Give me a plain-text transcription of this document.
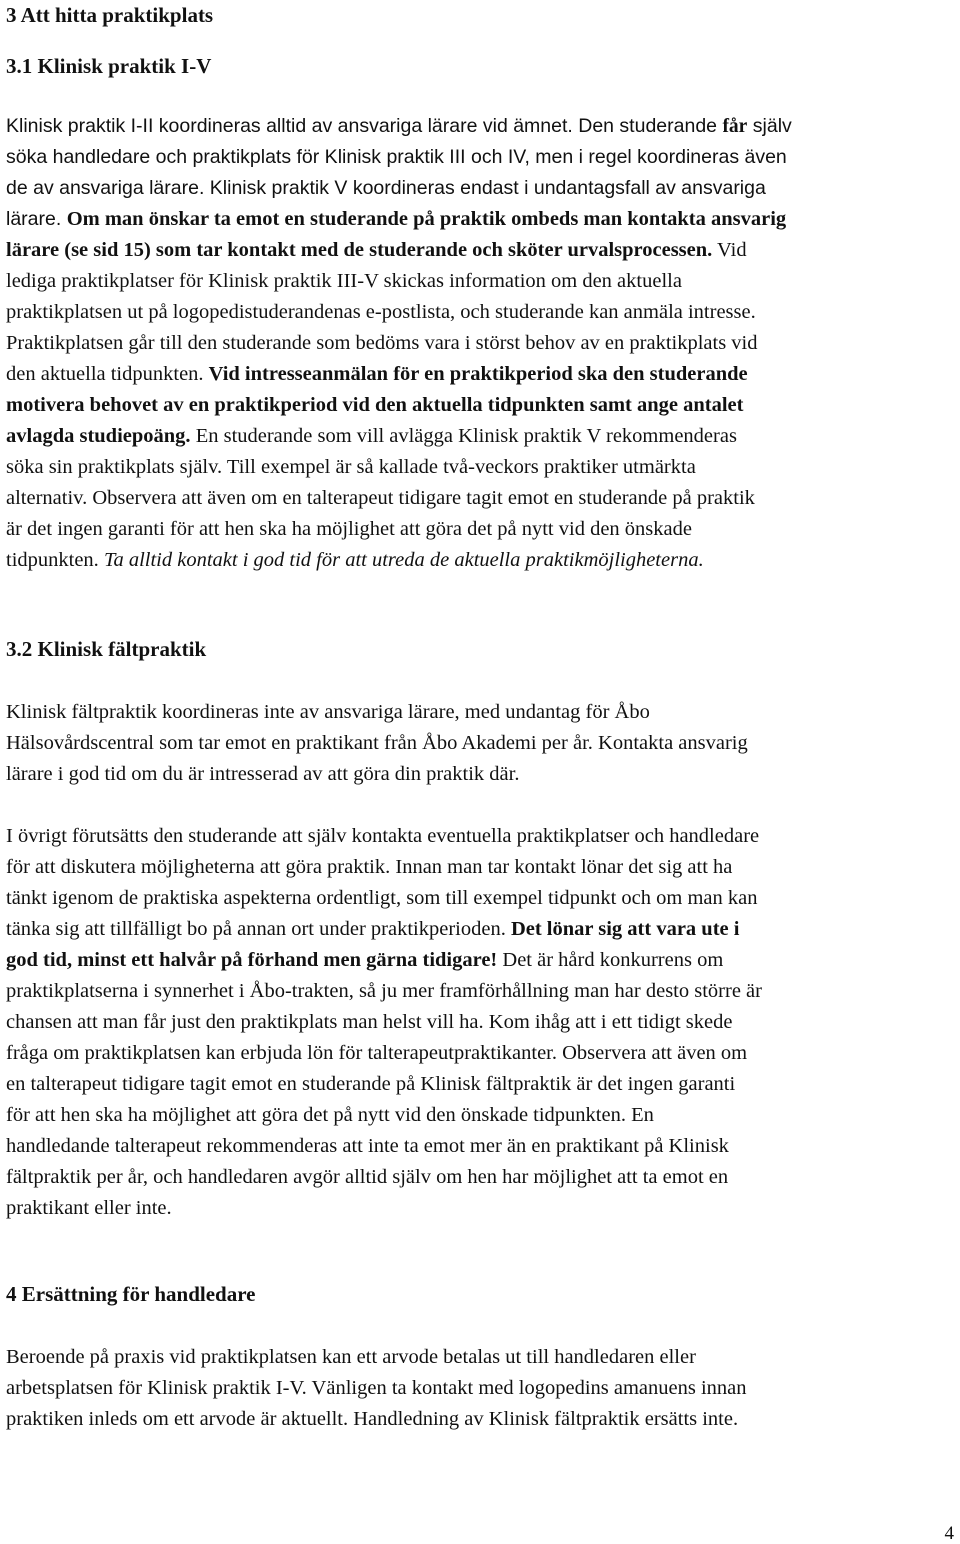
3 Att hitta praktikplats
3.1 Klinisk praktik I-V

Klinisk praktik I-II koordineras alltid av ansvariga lärare vid ämnet. Den studerande får själv
söka handledare och praktikplats för Klinisk praktik III och IV, men i regel koordineras även
de av ansvariga lärare. Klinisk praktik V koordineras endast i undantagsfall av ansvariga
lärare. Om man önskar ta emot en studerande på praktik ombeds man kontakta ansvarig
lärare (se sid 15) som tar kontakt med de studerande och sköter urvalsprocessen. Vid
lediga praktikplatser för Klinisk praktik III-V skickas information om den aktuella
praktikplatsen ut på logopedistuderandenas e-postlista, och studerande kan anmäla intresse.
Praktikplatsen går till den studerande som bedöms vara i störst behov av en praktikplats vid
den aktuella tidpunkten. Vid intresseanmälan för en praktikperiod ska den studerande
motivera behovet av en praktikperiod vid den aktuella tidpunkten samt ange antalet
avlagda studiepoäng. En studerande som vill avlägga Klinisk praktik V rekommenderas
söka sin praktikplats själv. Till exempel är så kallade två-veckors praktiker utmärkta
alternativ. Observera att även om en talterapeut tidigare tagit emot en studerande på praktik
är det ingen garanti för att hen ska ha möjlighet att göra det på nytt vid den önskade
tidpunkten. Ta alltid kontakt i god tid för att utreda de aktuella praktikmöjligheterna.

3.2 Klinisk fältpraktik

Klinisk fältpraktik koordineras inte av ansvariga lärare, med undantag för Åbo
Hälsovårdscentral som tar emot en praktikant från Åbo Akademi per år. Kontakta ansvarig
lärare i god tid om du är intresserad av att göra din praktik där.

I övrigt förutsätts den studerande att själv kontakta eventuella praktikplatser och handledare
för att diskutera möjligheterna att göra praktik. Innan man tar kontakt lönar det sig att ha
tänkt igenom de praktiska aspekterna ordentligt, som till exempel tidpunkt och om man kan
tänka sig att tillfälligt bo på annan ort under praktikperioden. Det lönar sig att vara ute i
god tid, minst ett halvår på förhand men gärna tidigare! Det är hård konkurrens om
praktikplatserna i synnerhet i Åbo-trakten, så ju mer framförhållning man har desto större är
chansen att man får just den praktikplats man helst vill ha. Kom ihåg att i ett tidigt skede
fråga om praktikplatsen kan erbjuda lön för talterapeutpraktikanter. Observera att även om
en talterapeut tidigare tagit emot en studerande på Klinisk fältpraktik är det ingen garanti
för att hen ska ha möjlighet att göra det på nytt vid den önskade tidpunkten. En
handledande talterapeut rekommenderas att inte ta emot mer än en praktikant på Klinisk
fältpraktik per år, och handledaren avgör alltid själv om hen har möjlighet att ta emot en
praktikant eller inte.

4 Ersättning för handledare

Beroende på praxis vid praktikplatsen kan ett arvode betalas ut till handledaren eller
arbetsplatsen för Klinisk praktik I-V. Vänligen ta kontakt med logopedins amanuens innan
praktiken inleds om ett arvode är aktuellt. Handledning av Klinisk fältpraktik ersätts inte.

4
